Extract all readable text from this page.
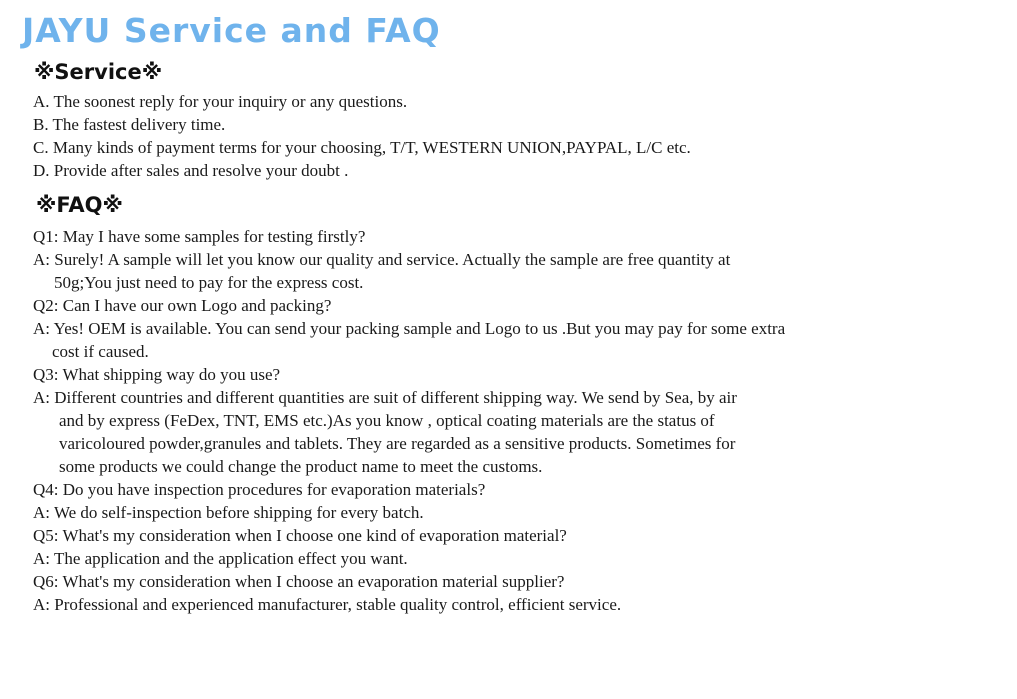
JAYU Service and FAQ
※Service※
A. The soonest reply for your inquiry or any questions.
B. The fastest delivery time.
C. Many kinds of payment terms for your choosing, T/T, WESTERN UNION,PAYPAL, L/C etc.
D. Provide after sales and resolve your doubt .
※FAQ※
Q1: May I have some samples for testing firstly?
A: Surely! A sample will let you know our quality and service. Actually the sample are free quantity at
50g;You just need to pay for the express cost.
Q2: Can I have our own Logo and packing?
A: Yes! OEM is available. You can send your packing sample and Logo to us .But you may pay for some extra
cost if caused.
Q3: What shipping way do you use?
A: Different countries and different quantities are suit of different shipping way. We send by Sea, by air
and by express (FeDex, TNT, EMS etc.)As you know , optical coating materials are the status of
varicoloured powder,granules and tablets. They are regarded as a sensitive products. Sometimes for
some products we could change the product name to meet the customs.
Q4: Do you have inspection procedures for evaporation materials?
A: We do self-inspection before shipping for every batch.
Q5: What's my consideration when I choose one kind of evaporation material?
A: The application and the application effect you want.
Q6: What's my consideration when I choose an evaporation material supplier?
A: Professional and experienced manufacturer, stable quality control, efficient service.
